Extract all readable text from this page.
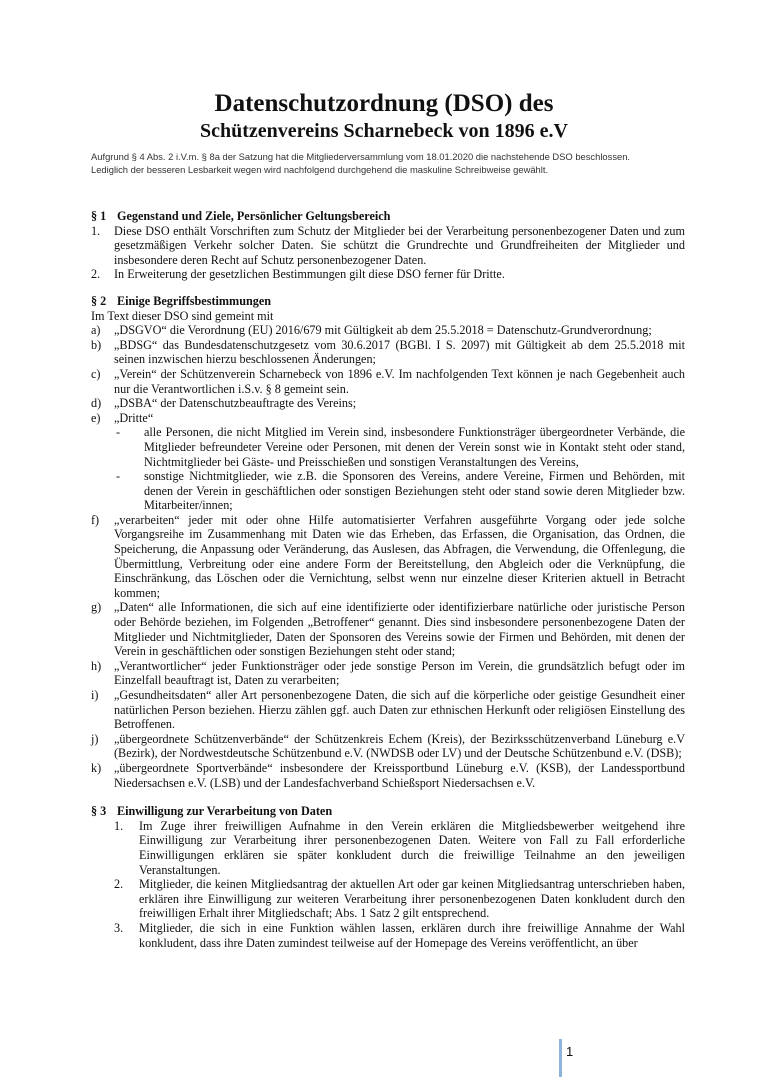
Datenschutzordnung (DSO) des
Schützenvereins Scharnebeck von 1896 e.V
Aufgrund § 4 Abs. 2 i.V.m. § 8a der Satzung hat die Mitgliederversammlung vom 18.01.2020 die nachstehende DSO beschlossen.
Lediglich der besseren Lesbarkeit wegen wird nachfolgend durchgehend die maskuline Schreibweise gewählt.

§ 1 Gegenstand und Ziele, Persönlicher Geltungsbereich

1.	Diese DSO enthält Vorschriften zum Schutz der Mitglieder bei der Verarbeitung personenbezogener Daten und zum gesetzmäßigen Verkehr solcher Daten. Sie schützt die Grundrechte und Grundfreiheiten der Mitglieder und insbesondere deren Recht auf Schutz personenbezogener Daten.
2.	In Erweiterung der gesetzlichen Bestimmungen gilt diese DSO ferner für Dritte.

§ 2 Einige Begriffsbestimmungen

Im Text dieser DSO sind gemeint mit

a)	„DSGVO“ die Verordnung (EU) 2016/679 mit Gültigkeit ab dem 25.5.2018 = Datenschutz-Grundverordnung;
b)	„BDSG“ das Bundesdatenschutzgesetz vom 30.6.2017 (BGBl. I S. 2097) mit Gültigkeit ab dem 25.5.2018 mit seinen inzwischen hierzu beschlossenen Änderungen;
c)	„Verein“ der Schützenverein Scharnebeck von 1896 e.V. Im nachfolgenden Text können je nach Gegebenheit auch nur die Verantwortlichen i.S.v. § 8 gemeint sein.
d)	„DSBA“ der Datenschutzbeauftragte des Vereins;
e)	„Dritte“
-	alle Personen, die nicht Mitglied im Verein sind, insbesondere Funktionsträger übergeordneter Verbände, die Mitglieder befreundeter Vereine oder Personen, mit denen der Verein sonst wie in Kontakt steht oder stand, Nichtmitglieder bei Gäste- und Preisschießen und sonstigen Veranstaltungen des Vereins,
-	sonstige Nichtmitglieder, wie z.B. die Sponsoren des Vereins, andere Vereine, Firmen und Behörden, mit denen der Verein in geschäftlichen oder sonstigen Beziehungen steht oder stand sowie deren Mitglieder bzw. Mitarbeiter/innen;
f)	„verarbeiten“ jeder mit oder ohne Hilfe automatisierter Verfahren ausgeführte Vorgang oder jede solche Vorgangsreihe im Zusammenhang mit Daten wie das Erheben, das Erfassen, die Organisation, das Ordnen, die Speicherung, die Anpassung oder Veränderung, das Auslesen, das Abfragen, die Verwendung, die Offenlegung, die Übermittlung, Verbreitung oder eine andere Form der Bereitstellung, den Abgleich oder die Verknüpfung, die Einschränkung, das Löschen oder die Vernichtung, selbst wenn nur einzelne dieser Kriterien aktuell in Betracht kommen;
g)	„Daten“ alle Informationen, die sich auf eine identifizierte oder identifizierbare natürliche oder juristische Person oder Behörde beziehen, im Folgenden „Betroffener“ genannt. Dies sind insbesondere personenbezogene Daten der Mitglieder und Nichtmitglieder, Daten der Sponsoren des Vereins sowie der Firmen und Behörden, mit denen der Verein in geschäftlichen oder sonstigen Beziehungen steht oder stand;
h)	„Verantwortlicher“ jeder Funktionsträger oder jede sonstige Person im Verein, die grundsätzlich befugt oder im Einzelfall beauftragt ist, Daten zu verarbeiten;
i)	„Gesundheitsdaten“ aller Art personenbezogene Daten, die sich auf die körperliche oder geistige Gesundheit einer natürlichen Person beziehen. Hierzu zählen ggf. auch Daten zur ethnischen Herkunft oder religiösen Einstellung des Betroffenen.
j)	„übergeordnete Schützenverbände“ der Schützenkreis Echem (Kreis), der Bezirksschützenverband Lüneburg e.V (Bezirk), der Nordwestdeutsche Schützenbund e.V. (NWDSB oder LV) und der Deutsche Schützenbund e.V. (DSB);
k)	„übergeordnete Sportverbände“ insbesondere der Kreissportbund Lüneburg e.V. (KSB), der Landessportbund Niedersachsen e.V. (LSB) und der Landesfachverband Schießsport Niedersachsen e.V.

§ 3 Einwilligung zur Verarbeitung von Daten

1.	Im Zuge ihrer freiwilligen Aufnahme in den Verein erklären die Mitgliedsbewerber weitgehend ihre Einwilligung zur Verarbeitung ihrer personenbezogenen Daten. Weitere von Fall zu Fall erforderliche Einwilligungen erklären sie später konkludent durch die freiwillige Teilnahme an den jeweiligen Veranstaltungen.
2.	Mitglieder, die keinen Mitgliedsantrag der aktuellen Art oder gar keinen Mitgliedsantrag unterschrieben haben, erklären ihre Einwilligung zur weiteren Verarbeitung ihrer personenbezogenen Daten konkludent durch den freiwilligen Erhalt ihrer Mitgliedschaft; Abs. 1 Satz 2 gilt entsprechend.
3.	Mitglieder, die sich in eine Funktion wählen lassen, erklären durch ihre freiwillige Annahme der Wahl konkludent, dass ihre Daten zumindest teilweise auf der Homepage des Vereins veröffentlicht, an über
1
